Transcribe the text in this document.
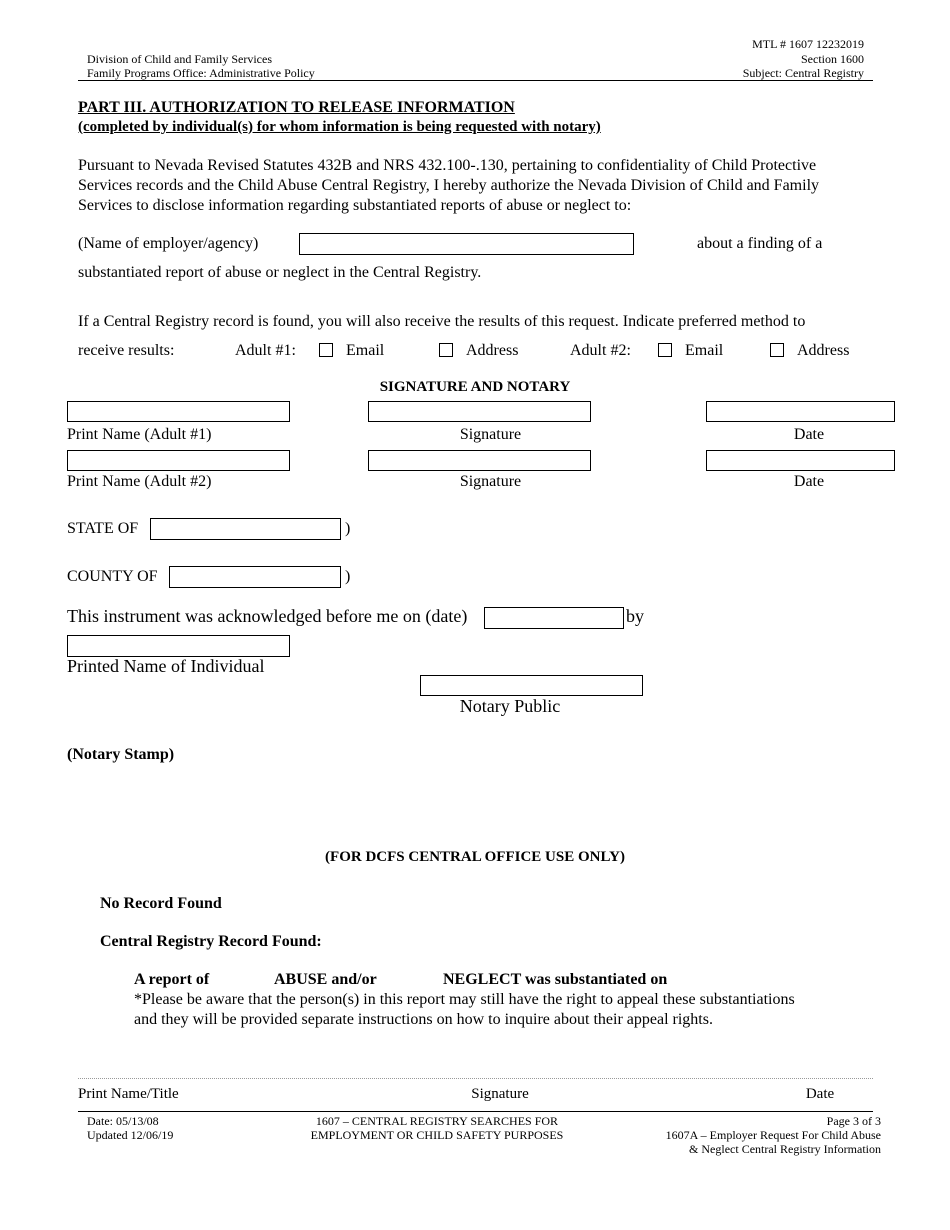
MTL # 1607 12232019
Division of Child and Family Services	Section 1600
Family Programs Office: Administrative Policy	Subject: Central Registry
PART III. AUTHORIZATION TO RELEASE INFORMATION
(completed by individual(s) for whom information is being requested with notary)
Pursuant to Nevada Revised Statutes 432B and NRS 432.100-.130, pertaining to confidentiality of Child Protective
Services records and the Child Abuse Central Registry, I hereby authorize the Nevada Division of Child and Family
Services to disclose information regarding substantiated reports of abuse or neglect to:
(Name of employer/agency)	about a finding of a
substantiated report of abuse or neglect in the Central Registry.
If a Central Registry record is found, you will also receive the results of this request. Indicate preferred method to
receive results:	Adult #1:	Email	Address	Adult #2:	Email	Address
SIGNATURE AND NOTARY
Print Name (Adult #1)	Signature	Date
Print Name (Adult #2)	Signature	Date
STATE OF	)
COUNTY OF	)
This instrument was acknowledged before me on (date)	by
Printed Name of Individual
Notary Public
(Notary Stamp)
(FOR DCFS CENTRAL OFFICE USE ONLY)
No Record Found
Central Registry Record Found:
A report of	ABUSE and/or	NEGLECT was substantiated on
*Please be aware that the person(s) in this report may still have the right to appeal these substantiations
and they will be provided separate instructions on how to inquire about their appeal rights.
Print Name/Title	Signature	Date
Date: 05/13/08
Updated 12/06/19
1607 – CENTRAL REGISTRY SEARCHES FOR
EMPLOYMENT OR CHILD SAFETY PURPOSES
Page 3 of 3
1607A – Employer Request For Child Abuse
& Neglect Central Registry Information
